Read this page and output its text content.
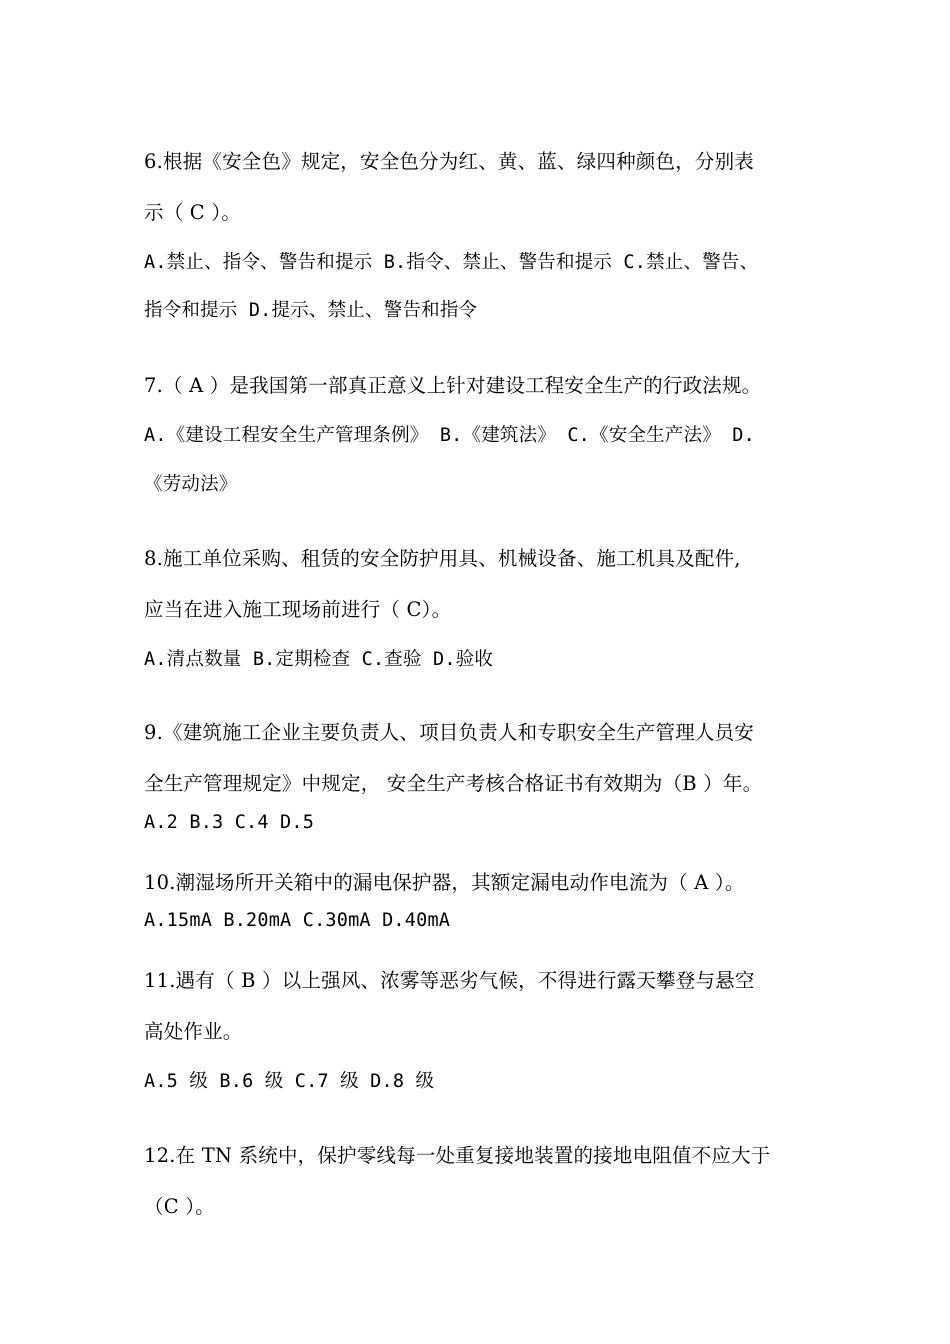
6.根据《安全色》规定，安全色分为红、黄、蓝、绿四种颜色，分别表
示（ C ）。
A.禁止、指令、警告和提示 B.指令、禁止、警告和提示 C.禁止、警告、
指令和提示 D.提示、禁止、警告和指令
7.（ A ）是我国第一部真正意义上针对建设工程安全生产的行政法规。
A.《建设工程安全生产管理条例》 B.《建筑法》 C.《安全生产法》 D.
《劳动法》
8.施工单位采购、租赁的安全防护用具、机械设备、施工机具及配件,
应当在进入施工现场前进行（ C）。
A.清点数量 B.定期检查 C.查验 D.验收
9.《建筑施工企业主要负责人、项目负责人和专职安全生产管理人员安
全生产管理规定》中规定， 安全生产考核合格证书有效期为（B ）年。
A.2 B.3 C.4 D.5
10.潮湿场所开关箱中的漏电保护器，其额定漏电动作电流为（ A ）。
A.15mA B.20mA C.30mA D.40mA
11.遇有（ B ）以上强风、浓雾等恶劣气候，不得进行露天攀登与悬空
高处作业。
A.5 级 B.6 级 C.7 级 D.8 级
12.在 TN 系统中，保护零线每一处重复接地装置的接地电阻值不应大于
（C ）。
